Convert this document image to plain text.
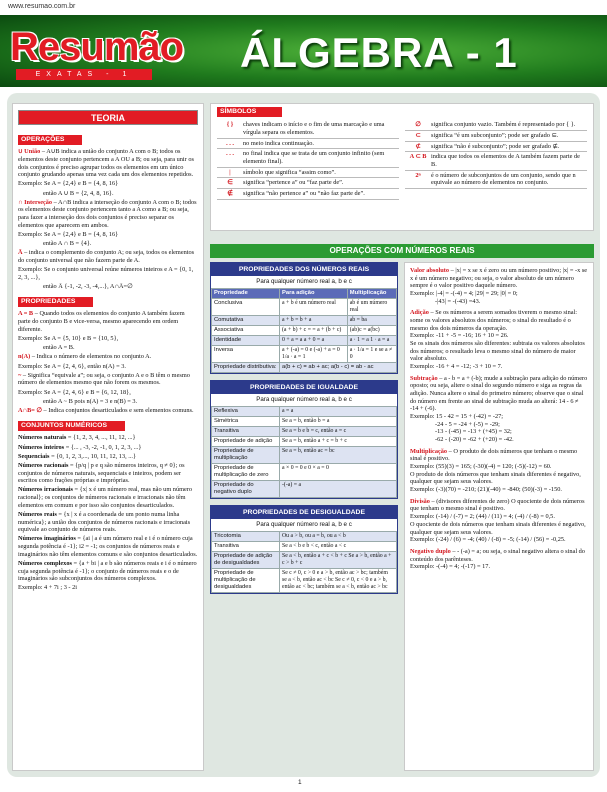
www.resumao.com.br
Resumão
EXATAS - 1	ÁLGEBRA - 1
TEORIA
OPERAÇÕES

∪ União – A∪B indica a união do conjunto A com o B; todos os elementos deste conjunto pertencem a A OU a B; ou seja, para unir os dois conjuntos é preciso agrupar todos os elementos em um único conjunto grudando apenas uma vez cada um dos elementos repetidos.

Exemplo: Se A = {2,4} e B = {4, 8, 16}

então A ∪ B = {2, 4, 8, 16}.

∩ Interseção – A∩B indica a interseção do conjunto A com o B; todos os elementos deste conjunto pertencem tanto a A como a B; ou seja, para fazer a interseção dos dois conjuntos é preciso separar os elementos que aparecem em ambos.

Exemplo: Se A = {2,4} e B = {4, 8, 16}

então A ∩ B = {4}.

Ā – indica o complemento do conjunto A; ou seja, todos os elementos do conjunto universal que não fazem parte de A.

Exemplo: Se o conjunto universal reúne números inteiros e A = {0, 1, 2, 3, ...},

então Ā {-1, -2, -3, -4,...}, A∩Ā=∅

PROPRIEDADES

A = B – Quando todos os elementos do conjunto A também fazem parte do conjunto B e vice-versa, mesmo aparecendo em ordem diferente.

Exemplo: Se A = {5, 10} e B = {10, 5},

então A = B.

n(A) – Indica o número de elementos no conjunto A.

Exemplo: Se A = {2, 4, 6}, então n(A) = 3.

~ – Significa “equivale a”; ou seja, o conjunto A e o B têm o mesmo número de elementos mesmo que não forem os mesmos.

Exemplo: Se A = {2, 4, 6} e B = {6, 12, 18},

então A ~ B pois n(A) = 3 e n(B) = 3.

A∩B= ∅ – Indica conjuntos desarticulados e sem elementos comuns.

CONJUNTOS NUMÉRICOS

Números naturais = {1, 2, 3, 4, ..., 11, 12, ...}

Números inteiros = {... , -3, -2, -1, 0, 1, 2, 3, ...}

Sequenciais = {0, 1, 2, 3,..., 10, 11, 12, 13, ...}

Números racionais = {p/q | p e q são números inteiros, q ≠ 0}; os conjuntos de números naturais, sequenciais e inteiros, podem ser escritos como frações próprias e impróprias.

Números irracionais = {x| x é um número real, mas não um número racional}; os conjuntos de números racionais e irracionais não têm elementos em comum e por isso são conjuntos desarticulados.

Números reais = {x | x é a coordenada de um ponto numa linha numérica}; a união dos conjuntos de números racionais e irracionais equivale ao conjunto de números reais.

Números imaginários = {ai | a é um número real e i é o número cuja segunda potência é -1}; i2 = -1; os conjuntos de números reais e imaginários não têm elementos comuns e são conjuntos desarticulados.

Números complexos = {a + bi | a e b são números reais e i é o número cuja segunda potência é -1}; o conjunto de números reais e o de imaginários são subconjuntos dos números complexos.

Exemplo: 4 + 7i ; 3 - 2i

SÍMBOLOS
{ }	chaves indicam o início e o fim de uma marcação e uma vírgula separa os elementos.
. . .	no meio indica continuação.
. . .	no final indica que se trata de um conjunto infinito (sem elemento final).
|	símbolo que significa “assim como”.
∈	significa “pertence a” ou “faz parte de”.
∉	significa “não pertence a” ou “não faz parte de”.
∅	significa conjunto vazio. Também é representado por { }.
⊂	significa “é um subconjunto”; pode ser grafado ⊆.
⊄	significa “não é subconjunto”; pode ser grafado ⊈.
A ⊂ B indica que todos os elementos de A também fazem parte de B.
2ⁿ	é o número de subconjuntos de um conjunto, sendo que n equivale ao número de elementos no conjunto.
OPERAÇÕES COM NÚMEROS REAIS
PROPRIEDADES DOS NÚMEROS REAIS
Para qualquer número real a, b e c
Propriedade	Para adição	Multiplicação
Conclusiva	a + b é um número real	ab é um número real
Comutativa	a + b = b + a	ab = ba
Associativa	(a + b) + c = = a + (b + c)	(ab)c = a(bc)
Identidade	0 + a = a a + 0 = a	a · 1 = a 1 · a = a
Inversa	a + (-a) = 0 e (-a) + a = 0 1/a · a = 1	a · 1/a = 1 e se a ≠ 0
Propriedade distributiva:	a(b + c) = ab + ac; a(b - c) = ab - ac	
PROPRIEDADES DE IGUALDADE
Para qualquer número real a, b e c
Reflexiva	a = a
Simétrica	Se a = b, então b = a
Transitiva	Se a = b e b = c, então a = c
Propriedade de adição	Se a = b, então a + c = b + c
Propriedade de multiplicação	Se a = b, então ac = bc
Propriedade de multiplicação de zero	a × 0 = 0 e 0 × a = 0
Propriedade do negativo duplo	-(-a) = a
PROPRIEDADES DE DESIGUALDADE
Para qualquer número real a, b e c
Tricotomia	Ou a > b, ou a = b, ou a < b
Transitiva	Se a < b e b < c, então a < c
Propriedade de adição de desigualdades	Se a < b, então a + c < b + c Se a > b, então a + c > b + c
Propriedade de multiplicação de desigualdades	Se c ≠ 0, c > 0 e a > b, então ac > bc; também se a < b, então ac < bc Se c ≠ 0, c < 0 e a > b, então ac < bc; também se a < b, então ac > bc

Valor absoluto – |x| = x se x é zero ou um número positivo; |x| = -x se x é um número negativo; ou seja, o valor absoluto de um número sempre é o valor positivo daquele número.
Exemplo: |-4| = -(-4) = 4; |29| = 29; |0| = 0;
-|43| = -(-43) =43.

Adição – Se os números a serem somados tiverem o mesmo sinal: some os valores absolutos dos números; o sinal do resultado é o mesmo dos dois números da operação.
Exemplo: -11 + -5 = -16; 16 + 10 = 26.
Se os sinais dos números são diferentes: subtraia os valores absolutos dos números; o resultado leva o mesmo sinal do número de maior valor absoluto.
Exemplo: -16 + 4 = -12; -3 + 10 = 7.

Subtração – a - b = a + (-b); mude a subtração para adição do número oposto; ou seja, altere o sinal do segundo número e siga as regras da adição. Nunca altere o sinal do primeiro número; observe que o sinal do número em frente ao sinal de subtração muda ao alterá: 14 - 6 ≠ -14 + (-6).
Exemplo: 15 - 42 = 15 + (-42) = -27;
-24 - 5 = -24 + (-5) = -29;
-13 - (-45) = -13 + (+45) = 32;
-62 - (-20) = -62 + (+20) = -42.

Multiplicação – O produto de dois números que tenham o mesmo sinal é positivo.
Exemplo: (55)(3) = 165; (-30)(-4) = 120; (-5)(-12) = 60.
O produto de dois números que tenham sinais diferentes é negativo, qualquer que sejam seus valores.
Exemplo: (-3)(70) = -210; (21)(-40) = -840; (50)(-3) = -150.

Divisão – (divisores diferentes de zero) O quociente de dois números que tenham o mesmo sinal é positivo.
Exemplo: (-14) / (-7) = 2; (44) / (11) = 4; (-4) / (-8) = 0,5.
O quociente de dois números que tenham sinais diferentes é negativo, qualquer que sejam seus valores.
Exemplo: (-24) / (6) = -4; (40) / (-8) = -5; (-14) / (56) = -0,25.

Negativo duplo – - (-a) = a; ou seja, o sinal negativo altera o sinal do conteúdo dos parênteses.
Exemplo: -(-4) = 4; -(-17) = 17.

1
